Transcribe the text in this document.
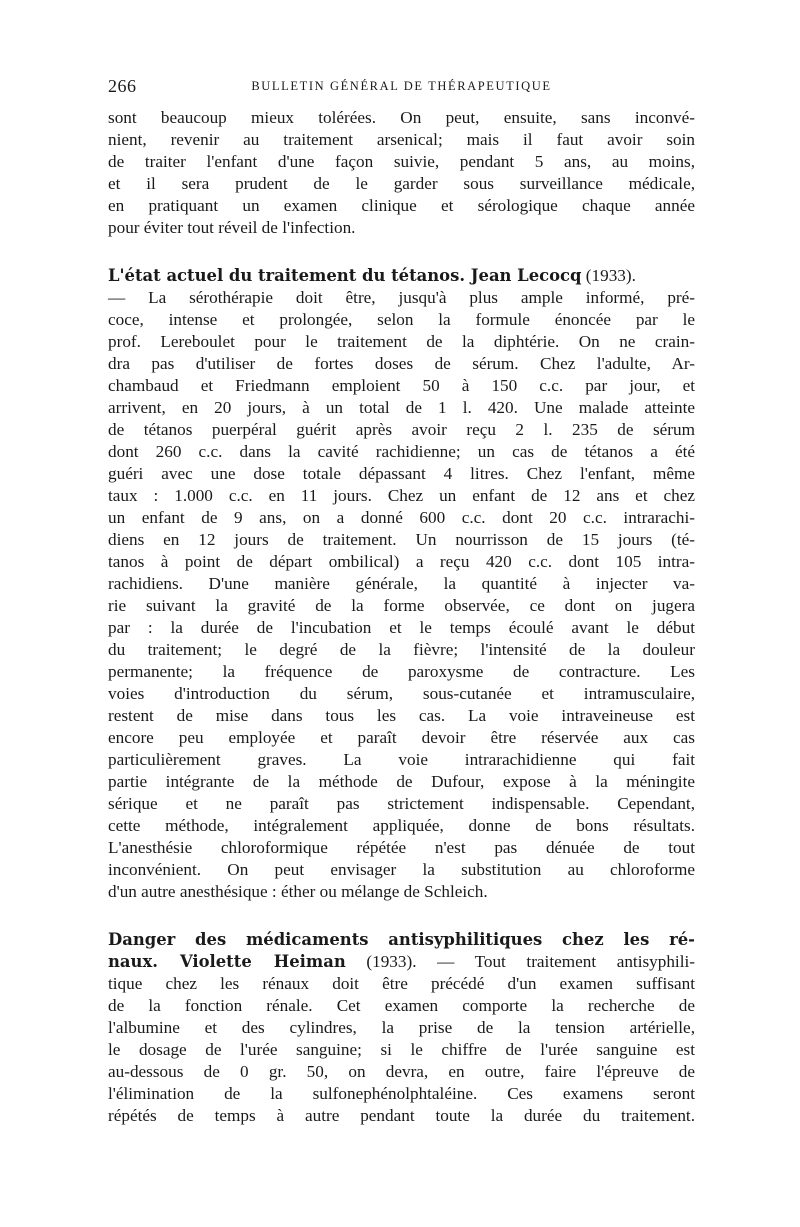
266	BULLETIN GÉNÉRAL DE THÉRAPEUTIQUE
sont beaucoup mieux tolérées. On peut, ensuite, sans inconvé-
nient, revenir au traitement arsenical; mais il faut avoir soin
de traiter l'enfant d'une façon suivie, pendant 5 ans, au moins,
et il sera prudent de le garder sous surveillance médicale,
en pratiquant un examen clinique et sérologique chaque année
pour éviter tout réveil de l'infection.
L'état actuel du traitement du tétanos. Jean Lecocq (1933).
— La sérothérapie doit être, jusqu'à plus ample informé, pré-
coce, intense et prolongée, selon la formule énoncée par le
prof. Lereboulet pour le traitement de la diphtérie. On ne crain-
dra pas d'utiliser de fortes doses de sérum. Chez l'adulte, Ar-
chambaud et Friedmann emploient 50 à 150 c.c. par jour, et
arrivent, en 20 jours, à un total de 1 l. 420. Une malade atteinte
de tétanos puerpéral guérit après avoir reçu 2 l. 235 de sérum
dont 260 c.c. dans la cavité rachidienne; un cas de tétanos a été
guéri avec une dose totale dépassant 4 litres. Chez l'enfant, même
taux : 1.000 c.c. en 11 jours. Chez un enfant de 12 ans et chez
un enfant de 9 ans, on a donné 600 c.c. dont 20 c.c. intrarachi-
diens en 12 jours de traitement. Un nourrisson de 15 jours (té-
tanos à point de départ ombilical) a reçu 420 c.c. dont 105 intra-
rachidiens. D'une manière générale, la quantité à injecter va-
rie suivant la gravité de la forme observée, ce dont on jugera
par : la durée de l'incubation et le temps écoulé avant le début
du traitement; le degré de la fièvre; l'intensité de la douleur
permanente; la fréquence de paroxysme de contracture. Les
voies d'introduction du sérum, sous-cutanée et intramusculaire,
restent de mise dans tous les cas. La voie intraveineuse est
encore peu employée et paraît devoir être réservée aux cas
particulièrement graves. La voie intrarachidienne qui fait
partie intégrante de la méthode de Dufour, expose à la méningite
sérique et ne paraît pas strictement indispensable. Cependant,
cette méthode, intégralement appliquée, donne de bons résultats.
L'anesthésie chloroformique répétée n'est pas dénuée de tout
inconvénient. On peut envisager la substitution au chloroforme
d'un autre anesthésique : éther ou mélange de Schleich.
Danger des médicaments antisyphilitiques chez les ré-
naux. Violette Heiman (1933). — Tout traitement antisyphili-
tique chez les rénaux doit être précédé d'un examen suffisant
de la fonction rénale. Cet examen comporte la recherche de
l'albumine et des cylindres, la prise de la tension artérielle,
le dosage de l'urée sanguine; si le chiffre de l'urée sanguine est
au-dessous de 0 gr. 50, on devra, en outre, faire l'épreuve de
l'élimination de la sulfonephénolphtaléine. Ces examens seront
répétés de temps à autre pendant toute la durée du traitement.
